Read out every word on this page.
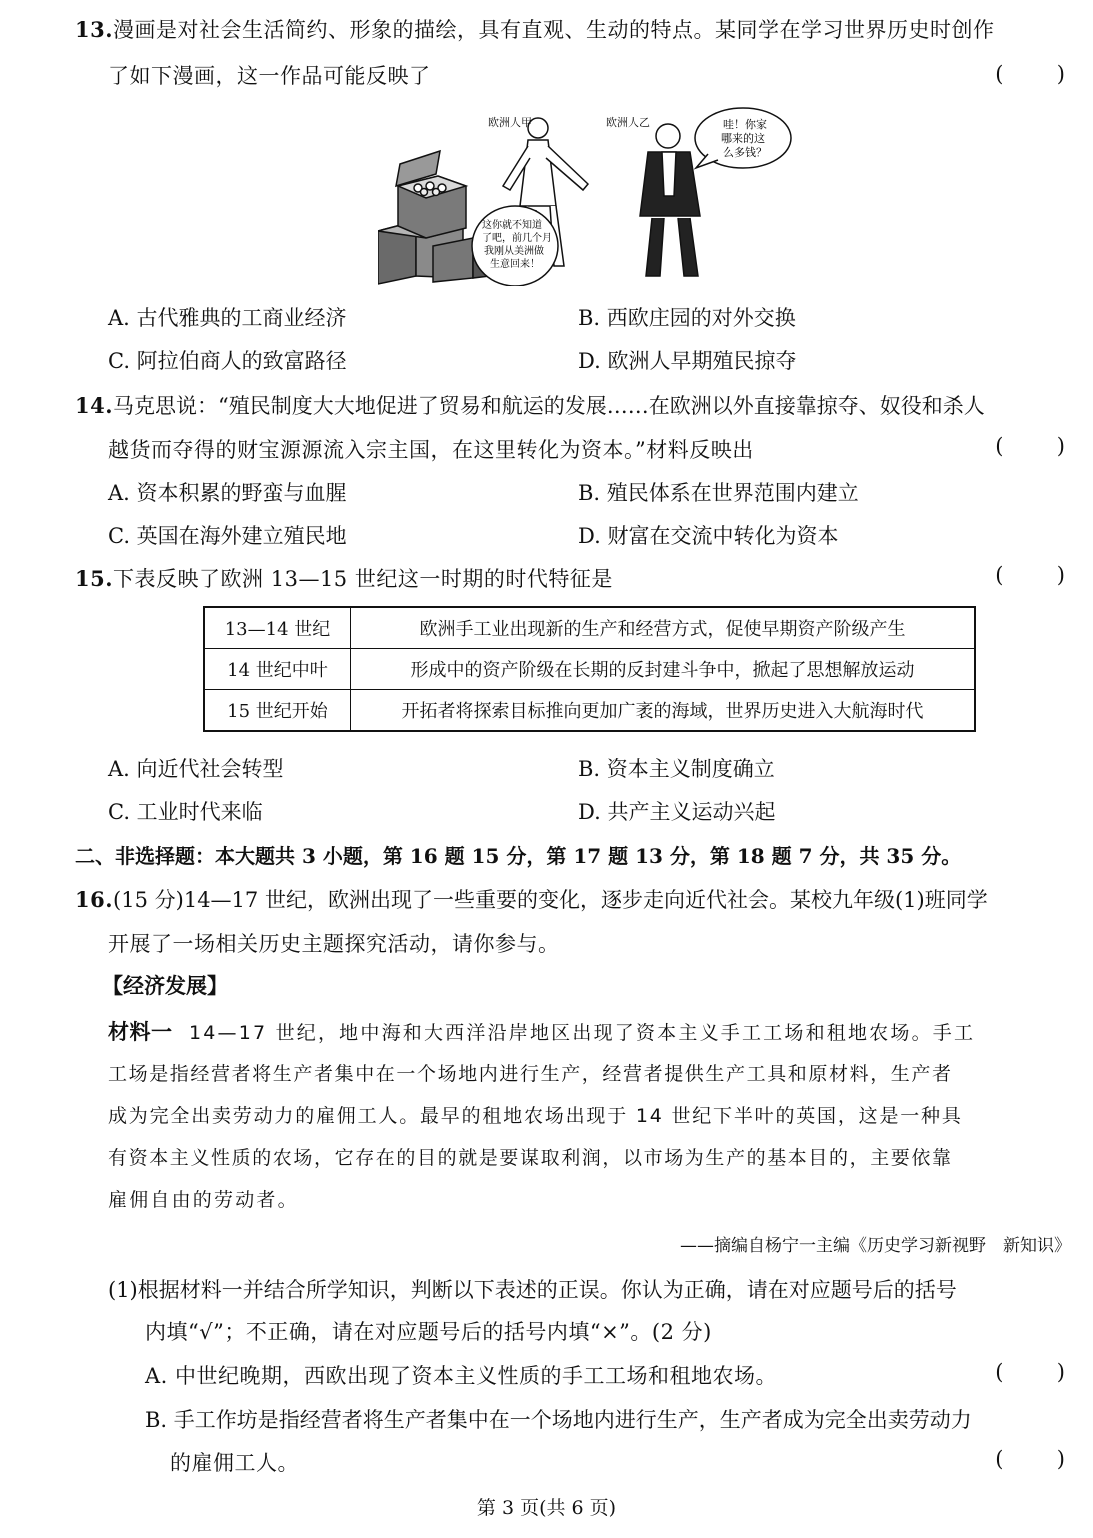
13.漫画是对社会生活简约、形象的描绘，具有直观、生动的特点。某同学在学习世界历史时创作
了如下漫画，这一作品可能反映了	(        )
欧洲人甲	欧洲人乙	哇！你家
哪来的这
么多钱？
这你就不知道
了吧，前几个月
我刚从美洲做
生意回来！
A. 古代雅典的工商业经济	B. 西欧庄园的对外交换
C. 阿拉伯商人的致富路径	D. 欧洲人早期殖民掠夺
14.马克思说：“殖民制度大大地促进了贸易和航运的发展……在欧洲以外直接靠掠夺、奴役和杀人
越货而夺得的财宝源源流入宗主国，在这里转化为资本。”材料反映出	(        )
A. 资本积累的野蛮与血腥	B. 殖民体系在世界范围内建立
C. 英国在海外建立殖民地	D. 财富在交流中转化为资本
15.下表反映了欧洲 13—15 世纪这一时期的时代特征是	(        )
13—14 世纪	欧洲手工业出现新的生产和经营方式，促使早期资产阶级产生
14 世纪中叶	形成中的资产阶级在长期的反封建斗争中，掀起了思想解放运动
15 世纪开始	开拓者将探索目标推向更加广袤的海域，世界历史进入大航海时代
A. 向近代社会转型	B. 资本主义制度确立
C. 工业时代来临	D. 共产主义运动兴起
二、非选择题：本大题共 3 小题，第 16 题 15 分，第 17 题 13 分，第 18 题 7 分，共 35 分。
16.(15 分)14—17 世纪，欧洲出现了一些重要的变化，逐步走向近代社会。某校九年级(1)班同学
开展了一场相关历史主题探究活动，请你参与。
【经济发展】
材料一 14—17 世纪，地中海和大西洋沿岸地区出现了资本主义手工工场和租地农场。手工
工场是指经营者将生产者集中在一个场地内进行生产，经营者提供生产工具和原材料，生产者
成为完全出卖劳动力的雇佣工人。最早的租地农场出现于 14 世纪下半叶的英国，这是一种具
有资本主义性质的农场，它存在的目的就是要谋取利润，以市场为生产的基本目的，主要依靠
雇佣自由的劳动者。
——摘编自杨宁一主编《历史学习新视野　新知识》
(1)根据材料一并结合所学知识，判断以下表述的正误。你认为正确，请在对应题号后的括号
内填“√”；不正确，请在对应题号后的括号内填“×”。(2 分)
A. 中世纪晚期，西欧出现了资本主义性质的手工工场和租地农场。	(        )
B. 手工作坊是指经营者将生产者集中在一个场地内进行生产，生产者成为完全出卖劳动力
的雇佣工人。	(        )
第 3 页(共 6 页)
